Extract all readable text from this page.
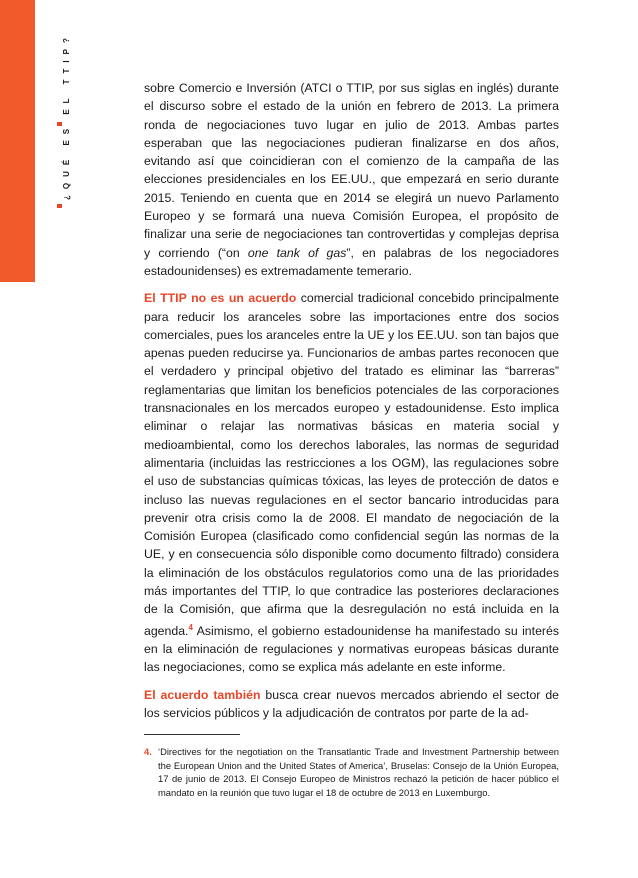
¿QUÉ ES EL TTIP?	sobre Comercio e Inversión (ATCI o TTIP, por sus siglas en inglés) durante el discurso sobre el estado de la unión en febrero de 2013. La primera ronda de negociaciones tuvo lugar en julio de 2013. Ambas partes esperaban que las negociaciones pudieran finalizarse en dos años, evitando así que coincidieran con el comienzo de la campaña de las elecciones presidenciales en los EE.UU., que empezará en serio durante 2015. Teniendo en cuenta que en 2014 se elegirá un nuevo Parlamento Europeo y se formará una nueva Comisión Europea, el propósito de finalizar una serie de negociaciones tan controvertidas y complejas deprisa y corriendo (“on one tank of gas”, en palabras de los negociadores estadounidenses) es extremadamente temerario.

El TTIP no es un acuerdo comercial tradicional concebido principalmente para reducir los aranceles sobre las importaciones entre dos socios comerciales, pues los aranceles entre la UE y los EE.UU. son tan bajos que apenas pueden reducirse ya. Funcionarios de ambas partes reconocen que el verdadero y principal objetivo del tratado es eliminar las “barreras” reglamentarias que limitan los beneficios potenciales de las corporaciones transnacionales en los mercados europeo y estadounidense. Esto implica eliminar o relajar las normativas básicas en materia social y medioambiental, como los derechos laborales, las normas de seguridad alimentaria (incluidas las restricciones a los OGM), las regulaciones sobre el uso de substancias químicas tóxicas, las leyes de protección de datos e incluso las nuevas regulaciones en el sector bancario introducidas para prevenir otra crisis como la de 2008. El mandato de negociación de la Comisión Europea (clasificado como confidencial según las normas de la UE, y en consecuencia sólo disponible como documento filtrado) considera la eliminación de los obstáculos regulatorios como una de las prioridades más importantes del TTIP, lo que contradice las posteriores declaraciones de la Comisión, que afirma que la desregulación no está incluida en la agenda.$^4$ Asimismo, el gobierno estadounidense ha manifestado su interés en la eliminación de regulaciones y normativas europeas básicas durante las negociaciones, como se explica más adelante en este informe.

El acuerdo también busca crear nuevos mercados abriendo el sector de los servicios públicos y la adjudicación de contratos por parte de la ad-

4. ‘Directives for the negotiation on the Transatlantic Trade and Investment Partnership between the European Union and the United States of America’, Bruselas: Consejo de la Unión Europea, 17 de junio de 2013. El Consejo Europeo de Ministros rechazó la petición de hacer público el mandato en la reunión que tuvo lugar el 18 de octubre de 2013 en Luxemburgo.
